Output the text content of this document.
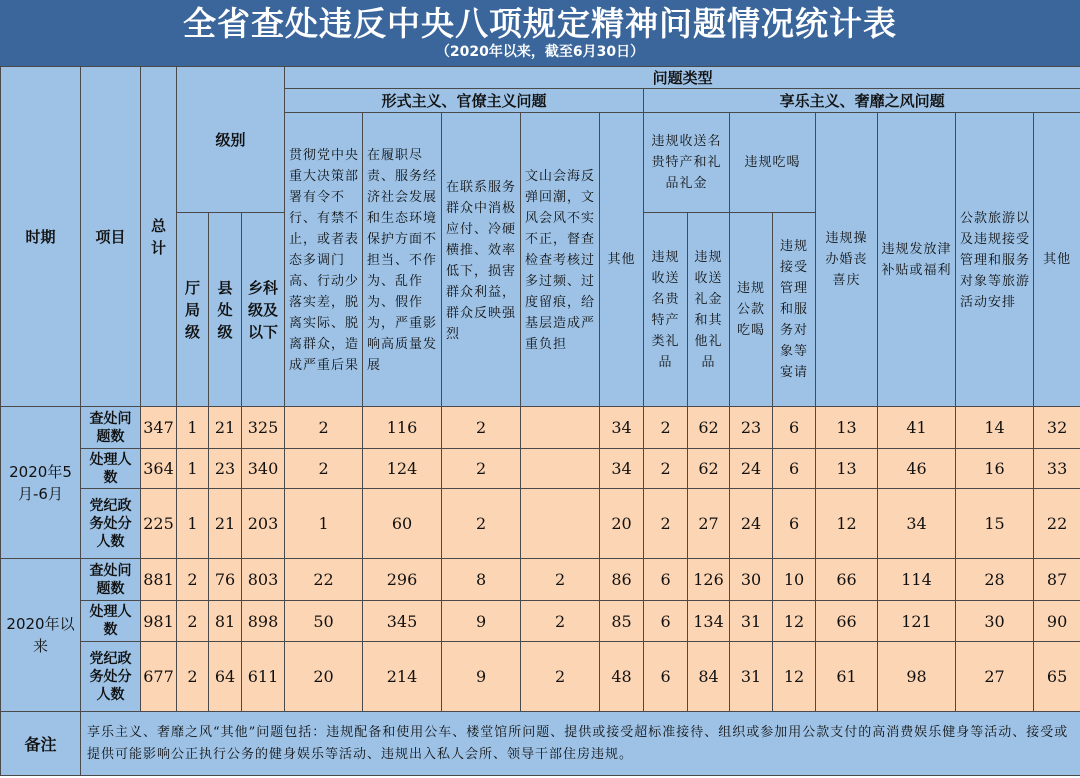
全省查处违反中央八项规定精神问题情况统计表
（2020年以来，截至6月30日）
时期	项目	总计	级别			问题类型												
						形式主义、官僚主义问题					享乐主义、奢靡之风问题							
						贯彻党中央重大决策部署有令不行、有禁不止，或者表态多调门高、行动少落实差，脱离实际、脱离群众，造成严重后果	在履职尽责、服务经济社会发展和生态环境保护方面不担当、不作为、乱作为、假作为，严重影响高质量发展	在联系服务群众中消极应付、冷硬横推、效率低下，损害群众利益，群众反映强烈	文山会海反弹回潮，文风会风不实不正，督查检查考核过多过频、过度留痕，给基层造成严重负担	其他	违规收送名贵特产和礼品礼金		违规吃喝		违规操办婚丧喜庆	违规发放津补贴或福利	公款旅游以及违规接受管理和服务对象等旅游活动安排	其他
			厅局级	县处级	乡科级及以下						违规收送名贵特产类礼品	违规收送礼金和其他礼品	违规公款吃喝	违规接受管理和服务对象等宴请				

2020年5月-6月	查处问题数	347	1	21	325	2	116	2		34	2	62	23	6	13	41	14	32
	处理人数	364	1	23	340	2	124	2		34	2	62	24	6	13	46	16	33
	党纪政务处分人数	225	1	21	203	1	60	2		20	2	27	24	6	12	34	15	22
2020年以来	查处问题数	881	2	76	803	22	296	8	2	86	6	126	30	10	66	114	28	87
	处理人数	981	2	81	898	50	345	9	2	85	6	134	31	12	66	121	30	90
	党纪政务处分人数	677	2	64	611	20	214	9	2	48	6	84	31	12	61	98	27	65
备注	享乐主义、奢靡之风“其他”问题包括：违规配备和使用公车、楼堂馆所问题、提供或接受超标准接待、组织或参加用公款支付的高消费娱乐健身等活动、接受或提供可能影响公正执行公务的健身娱乐等活动、违规出入私人会所、领导干部住房违规。																	
